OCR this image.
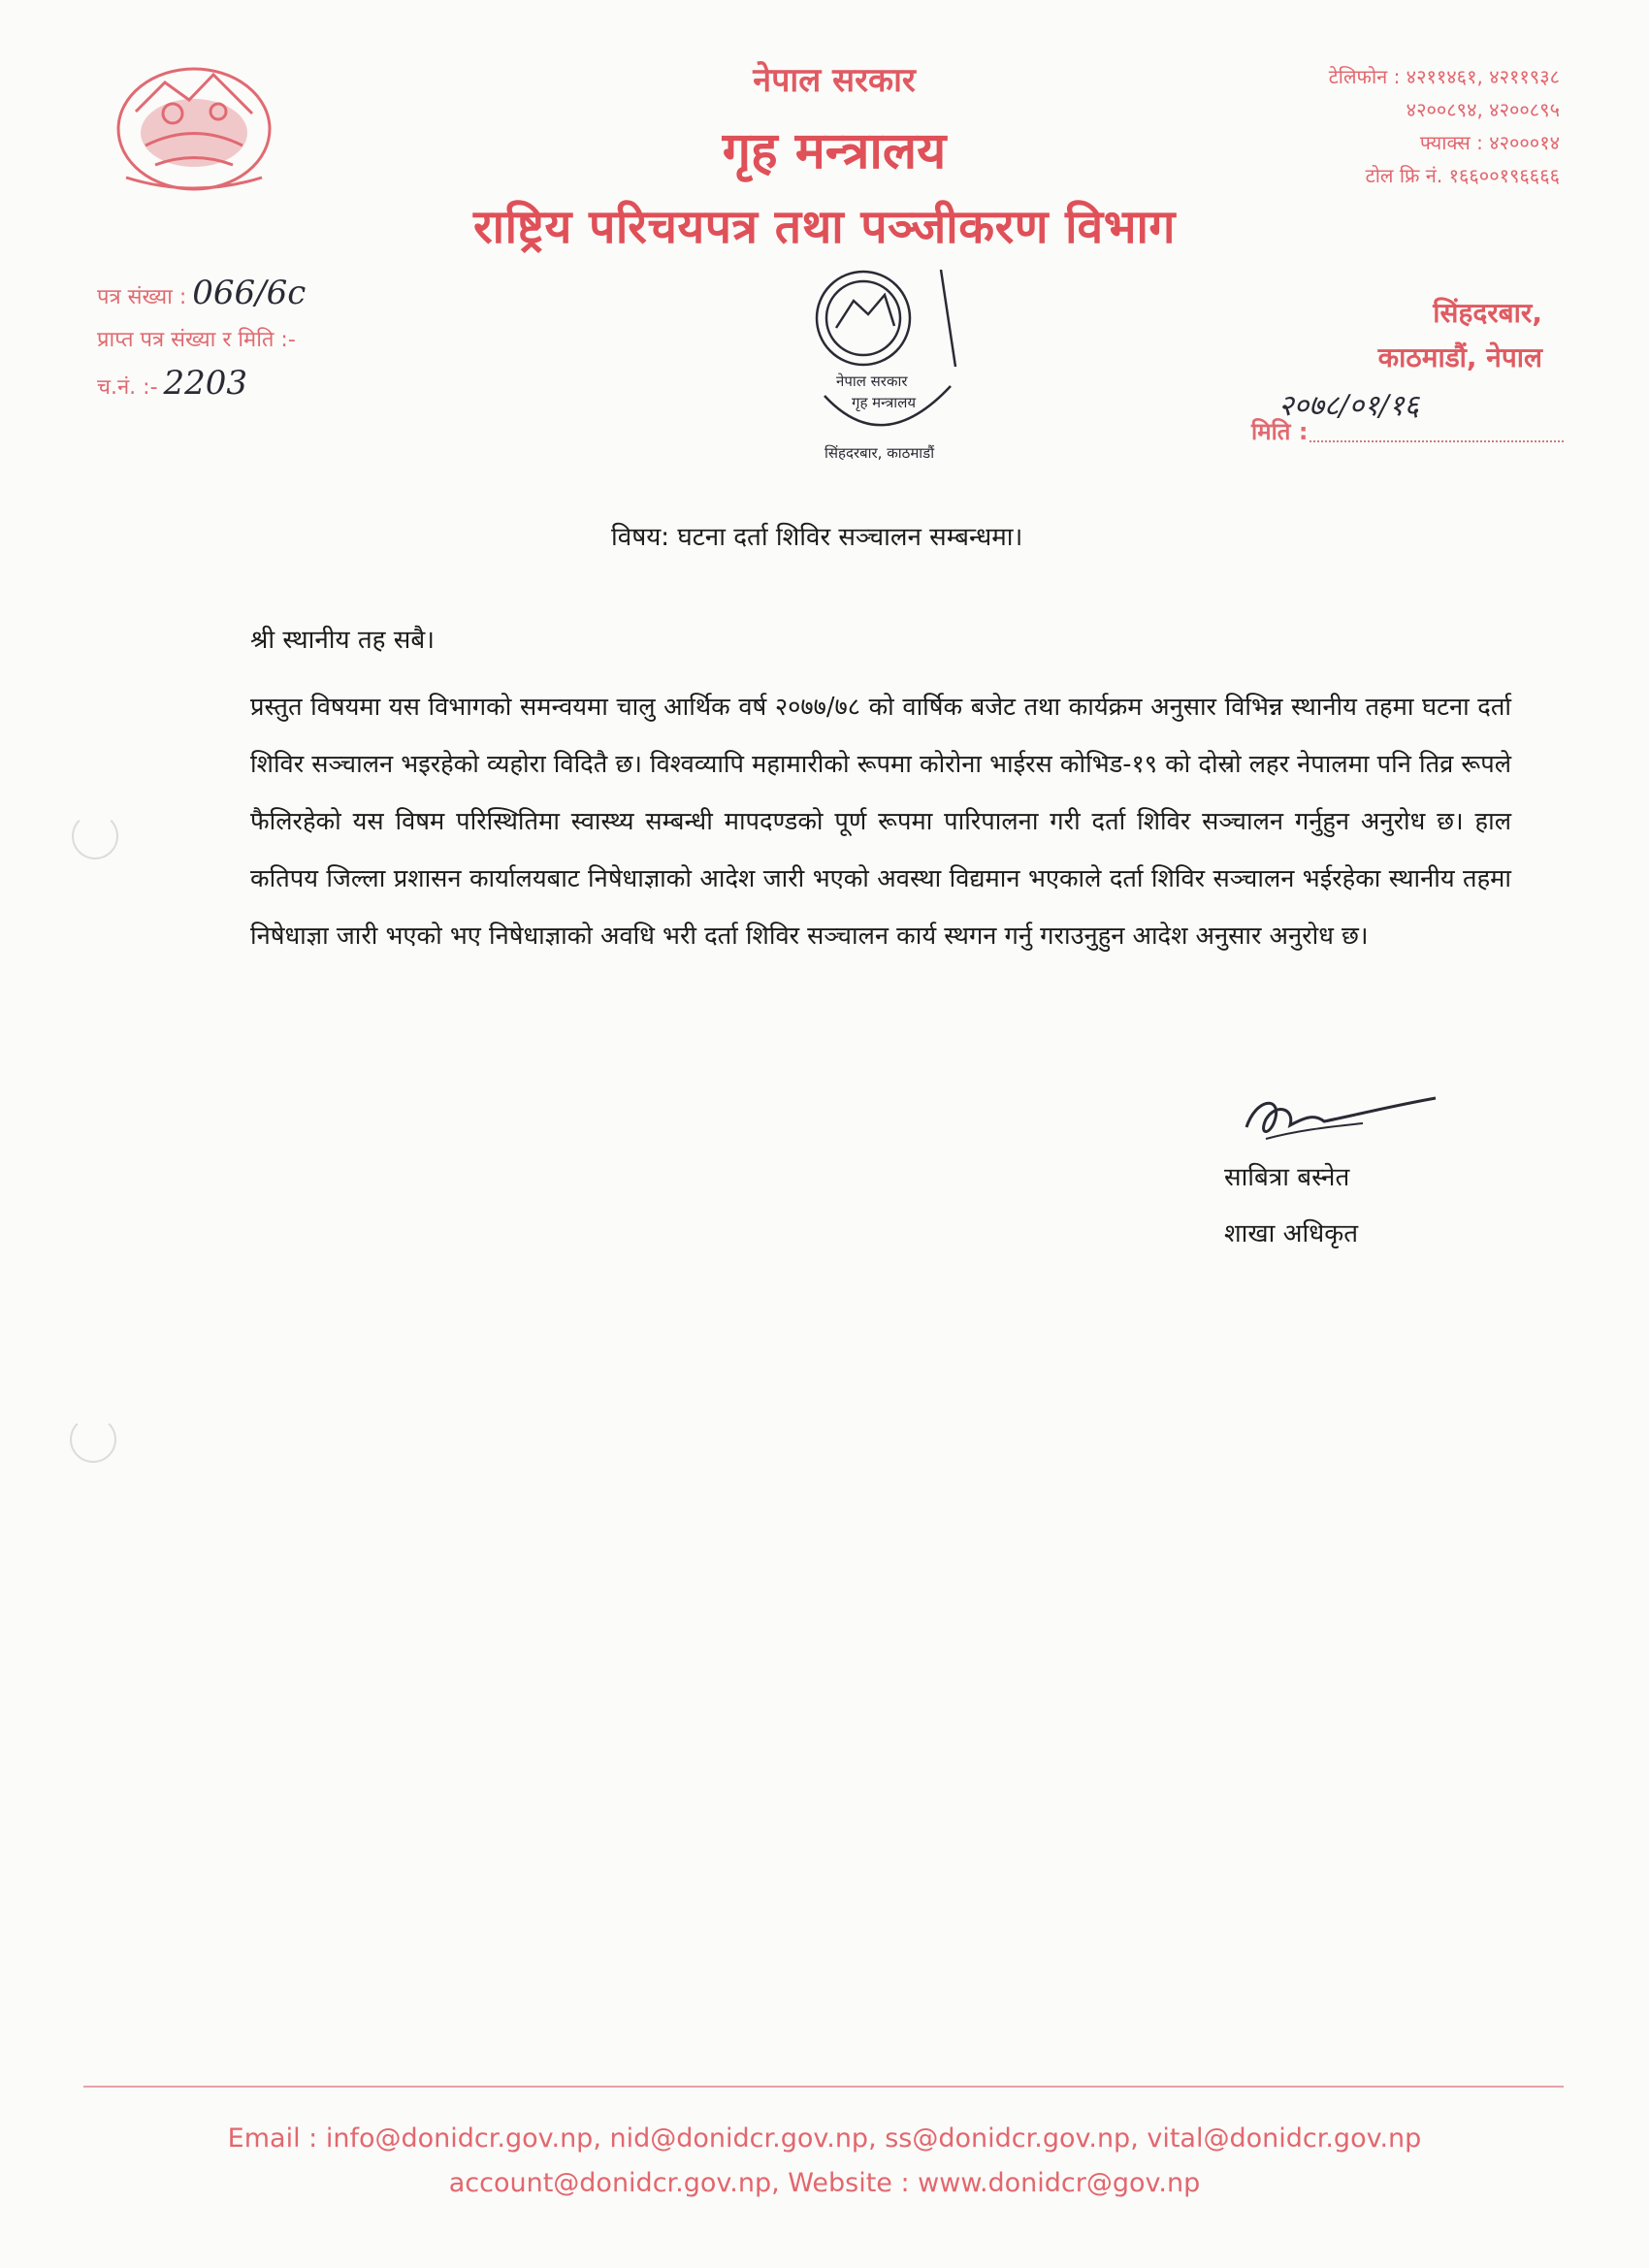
नेपाल सरकार
गृह मन्त्रालय
राष्ट्रिय परिचयपत्र तथा पञ्जीकरण विभाग
टेलिफोन : ४२११४६१, ४२११९३८
४२००८९४, ४२००८९५
फ्याक्स : ४२०००१४
टोल फ्रि नं. १६६००१९६६६६
पत्र संख्या : 066/6c
प्राप्त पत्र संख्या र मिति :-
च.नं. :- 2203	नेपाल सरकार
गृह मन्त्रालय
सिंहदरबार, काठमाडौं
सिंहदरबार,
काठमाडौं, नेपाल
२०७८/०१/१६
मिति :
विषय: घटना दर्ता शिविर सञ्चालन सम्बन्धमा।
श्री स्थानीय तह सबै।
प्रस्तुत विषयमा यस विभागको समन्वयमा चालु आर्थिक वर्ष २०७७/७८ को वार्षिक बजेट तथा कार्यक्रम अनुसार विभिन्न स्थानीय तहमा घटना दर्ता शिविर सञ्चालन भइरहेको व्यहोरा विदितै छ। विश्वव्यापि महामारीको रूपमा कोरोना भाईरस कोभिड-१९ को दोस्रो लहर नेपालमा पनि तिव्र रूपले फैलिरहेको यस विषम परिस्थितिमा स्वास्थ्य सम्बन्धी मापदण्डको पूर्ण रूपमा पारिपालना गरी दर्ता शिविर सञ्चालन गर्नुहुन अनुरोध छ। हाल कतिपय जिल्ला प्रशासन कार्यालयबाट निषेधाज्ञाको आदेश जारी भएको अवस्था विद्यमान भएकाले दर्ता शिविर सञ्चालन भईरहेका स्थानीय तहमा निषेधाज्ञा जारी भएको भए निषेधाज्ञाको अवधि भरी दर्ता शिविर सञ्चालन कार्य स्थगन गर्नु गराउनुहुन आदेश अनुसार अनुरोध छ।
साबित्रा बस्नेत
शाखा अधिकृत
Email : info@donidcr.gov.np, nid@donidcr.gov.np, ss@donidcr.gov.np, vital@donidcr.gov.np
account@donidcr.gov.np, Website : www.donidcr@gov.np
